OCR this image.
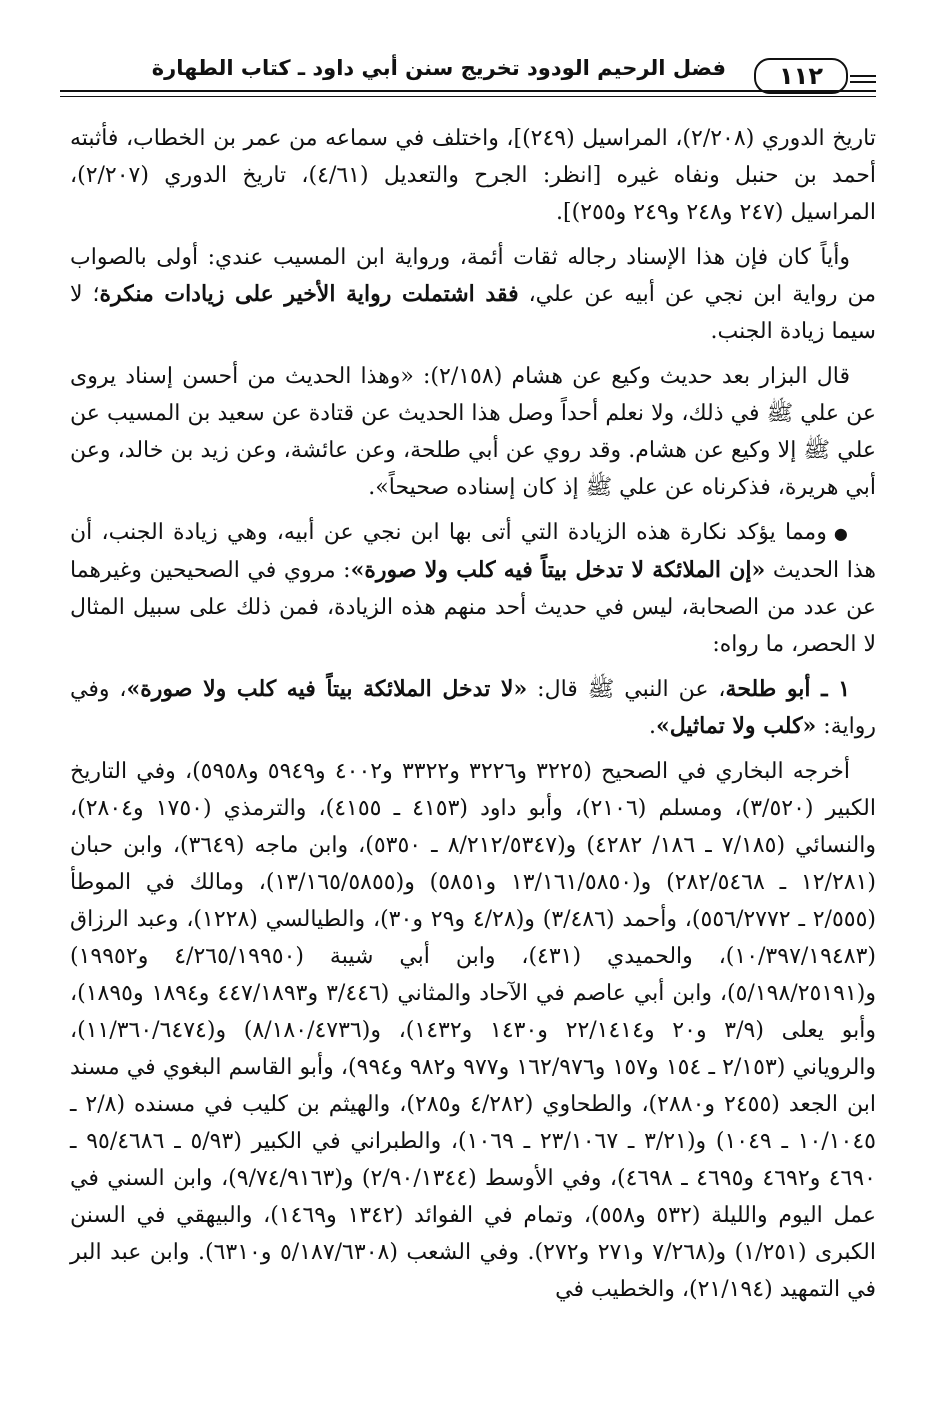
فضل الرحيم الودود تخريج سنن أبي داود ـ كتاب الطهارة	١١٢

تاريخ الدوري (٢/٢٠٨)، المراسيل (٢٤٩)]، واختلف في سماعه من عمر بن الخطاب، فأثبته أحمد بن حنبل ونفاه غيره [انظر: الجرح والتعديل (٤/٦١)، تاريخ الدوري (٢/٢٠٧)، المراسيل (٢٤٧ و٢٤٨ و٢٤٩ و٢٥٥)].

وأياً كان فإن هذا الإسناد رجاله ثقات أئمة، ورواية ابن المسيب عندي: أولى بالصواب من رواية ابن نجي عن أبيه عن علي، فقد اشتملت رواية الأخير على زيادات منكرة؛ لا سيما زيادة الجنب.

قال البزار بعد حديث وكيع عن هشام (٢/١٥٨): «وهذا الحديث من أحسن إسناد يروى عن علي ﷺ في ذلك، ولا نعلم أحداً وصل هذا الحديث عن قتادة عن سعيد بن المسيب عن علي ﷺ إلا وكيع عن هشام. وقد روي عن أبي طلحة، وعن عائشة، وعن زيد بن خالد، وعن أبي هريرة، فذكرناه عن علي ﷺ إذ كان إسناده صحيحاً».

● ومما يؤكد نكارة هذه الزيادة التي أتى بها ابن نجي عن أبيه، وهي زيادة الجنب، أن هذا الحديث «إن الملائكة لا تدخل بيتاً فيه كلب ولا صورة»: مروي في الصحيحين وغيرهما عن عدد من الصحابة، ليس في حديث أحد منهم هذه الزيادة، فمن ذلك على سبيل المثال لا الحصر، ما رواه:

١ ـ أبو طلحة، عن النبي ﷺ قال: «لا تدخل الملائكة بيتاً فيه كلب ولا صورة»، وفي رواية: «كلب ولا تماثيل».

أخرجه البخاري في الصحيح (٣٢٢٥ و٣٢٢٦ و٣٣٢٢ و٤٠٠٢ و٥٩٤٩ و٥٩٥٨)، وفي التاريخ الكبير (٣/٥٢٠)، ومسلم (٢١٠٦)، وأبو داود (٤١٥٣ ـ ٤١٥٥)، والترمذي (١٧٥٠ و٢٨٠٤)، والنسائي (٧/١٨٥ ـ ١٨٦/ ٤٢٨٢) و(٨/٢١٢/٥٣٤٧ ـ ٥٣٥٠)، وابن ماجه (٣٦٤٩)، وابن حبان (١٢/٢٨١ ـ ٢٨٢/٥٤٦٨) و(١٣/١٦١/٥٨٥٠ و٥٨٥١) و(١٣/١٦٥/٥٨٥٥)، ومالك في الموطأ (٢/٥٥٥ ـ ٥٥٦/٢٧٧٢)، وأحمد (٣/٤٨٦) و(٤/٢٨ و٢٩ و٣٠)، والطيالسي (١٢٢٨)، وعبد الرزاق (١٠/٣٩٧/١٩٤٨٣)، والحميدي (٤٣١)، وابن أبي شيبة (٤/٢٦٥/١٩٩٥٠ و١٩٩٥٢) و(٥/١٩٨/٢٥١٩١)، وابن أبي عاصم في الآحاد والمثاني (٣/٤٤٦ و٤٤٧/١٨٩٣ و١٨٩٤ و١٨٩٥)، وأبو يعلى (٣/٩ و٢٠ و٢٢/١٤١٤ و١٤٣٠ و١٤٣٢)، و(٨/١٨٠/٤٧٣٦) و(١١/٣٦٠/٦٤٧٤)، والروياني (٢/١٥٣ ـ ١٥٤ و١٥٧ و١٦٢/٩٧٦ و٩٧٧ و٩٨٢ و٩٩٤)، وأبو القاسم البغوي في مسند ابن الجعد (٢٤٥٥ و٢٨٨٠)، والطحاوي (٤/٢٨٢ و٢٨٥)، والهيثم بن كليب في مسنده (٢/٨ ـ ١٠/١٠٤٥ ـ ١٠٤٩) و(٣/٢١ ـ ٢٣/١٠٦٧ ـ ١٠٦٩)، والطبراني في الكبير (٥/٩٣ ـ ٩٥/٤٦٨٦ ـ ٤٦٩٠ و٤٦٩٢ و٤٦٩٥ ـ ٤٦٩٨)، وفي الأوسط (٢/٩٠/١٣٤٤) و(٩/٧٤/٩١٦٣)، وابن السني في عمل اليوم والليلة (٥٣٢ و٥٥٨)، وتمام في الفوائد (١٣٤٢ و١٤٦٩)، والبيهقي في السنن الكبرى (١/٢٥١) و(٧/٢٦٨ و٢٧١ و٢٧٢). وفي الشعب (٥/١٨٧/٦٣٠٨ و٦٣١٠). وابن عبد البر في التمهيد (٢١/١٩٤)، والخطيب في
